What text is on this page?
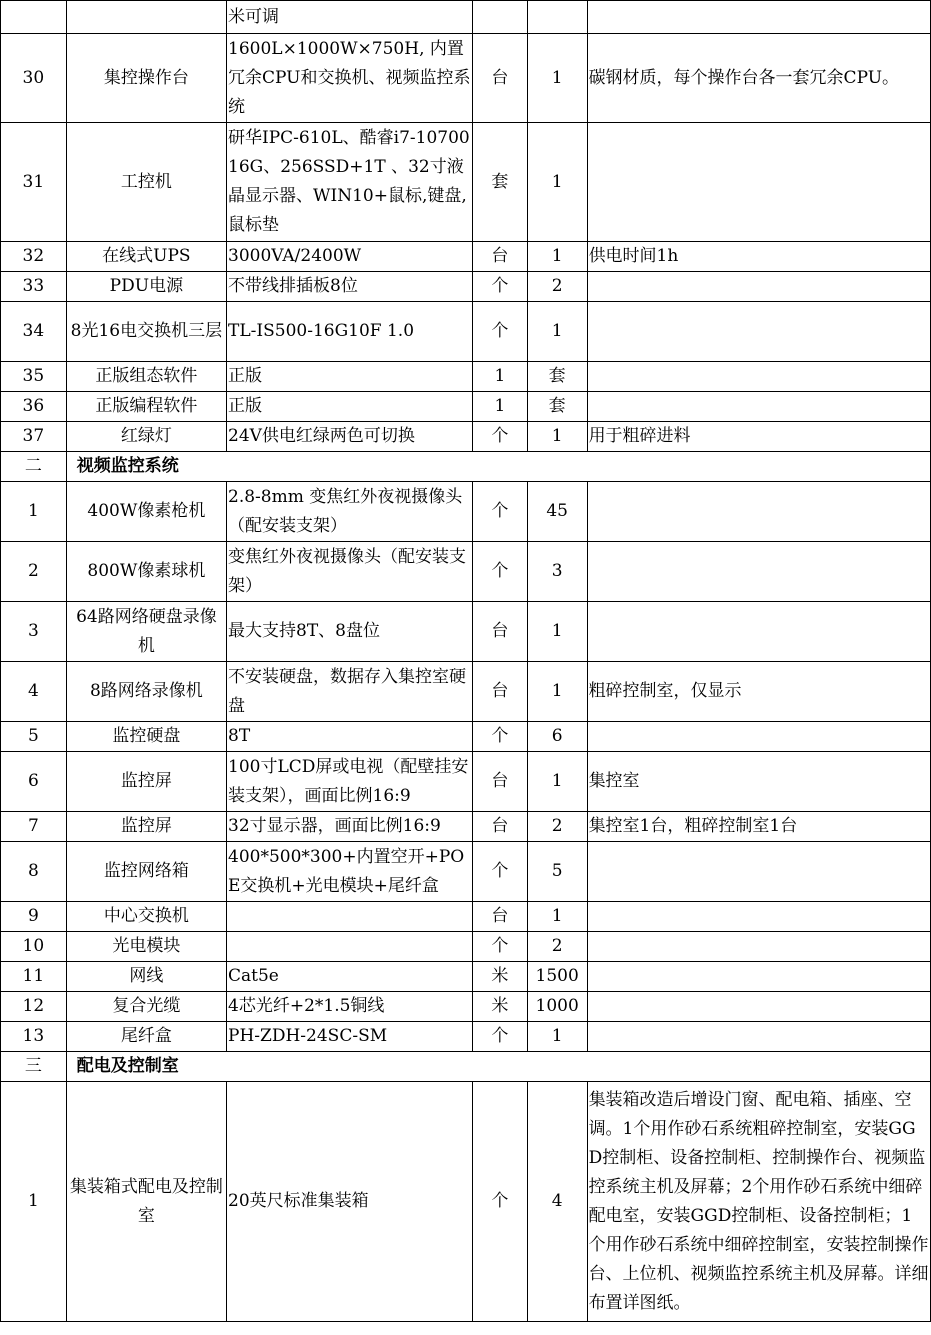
		米可调			
30	集控操作台	1600L×1000W×750H, 内置冗余CPU和交换机、视频监控系统	台	1	碳钢材质，每个操作台各一套冗余CPU。
31	工控机	研华IPC-610L、酷睿i7-10700 16G、256SSD+1T 、32寸液晶显示器、WIN10+鼠标,键盘,鼠标垫	套	1	
32	在线式UPS	3000VA/2400W	台	1	供电时间1h
33	PDU电源	不带线排插板8位	个	2	
34	8光16电交换机三层	TL-IS500-16G10F 1.0	个	1	
35	正版组态软件	正版	1	套	
36	正版编程软件	正版	1	套	
37	红绿灯	24V供电红绿两色可切换	个	1	用于粗碎进料
二	视频监控系统				
1	400W像素枪机	2.8-8mm 变焦红外夜视摄像头（配安装支架）	个	45	
2	800W像素球机	变焦红外夜视摄像头（配安装支架）	个	3	
3	64路网络硬盘录像机	最大支持8T、8盘位	台	1	
4	8路网络录像机	不安装硬盘，数据存入集控室硬盘	台	1	粗碎控制室，仅显示
5	监控硬盘	8T	个	6	
6	监控屏	100寸LCD屏或电视（配壁挂安装支架），画面比例16:9	台	1	集控室
7	监控屏	32寸显示器，画面比例16:9	台	2	集控室1台，粗碎控制室1台
8	监控网络箱	400*500*300+内置空开+POE交换机+光电模块+尾纤盒	个	5	
9	中心交换机		台	1	
10	光电模块		个	2	
11	网线	Cat5e	米	1500	
12	复合光缆	4芯光纤+2*1.5铜线	米	1000	
13	尾纤盒	PH-ZDH-24SC-SM	个	1	
三	配电及控制室				
1	集装箱式配电及控制室	20英尺标准集装箱	个	4	集装箱改造后增设门窗、配电箱、插座、空调。1个用作砂石系统粗碎控制室，安装GGD控制柜、设备控制柜、控制操作台、视频监控系统主机及屏幕；2个用作砂石系统中细碎配电室，安装GGD控制柜、设备控制柜；1个用作砂石系统中细碎控制室，安装控制操作台、上位机、视频监控系统主机及屏幕。详细布置详图纸。
